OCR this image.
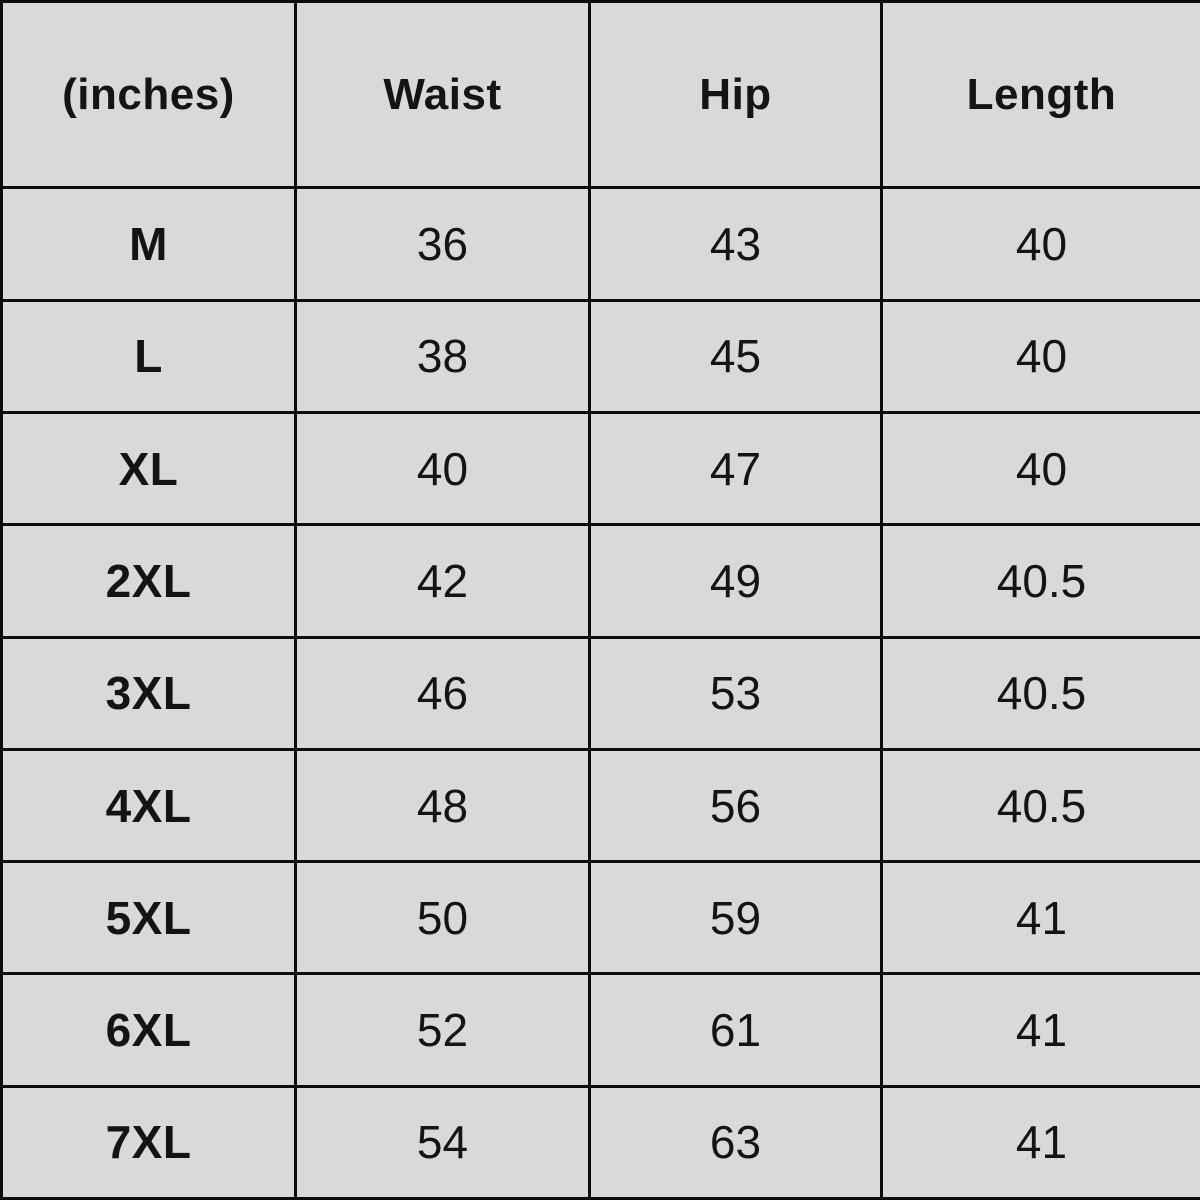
(inches)	Waist	Hip	Length
M	36	43	40
L	38	45	40
XL	40	47	40
2XL	42	49	40.5
3XL	46	53	40.5
4XL	48	56	40.5
5XL	50	59	41
6XL	52	61	41
7XL	54	63	41
